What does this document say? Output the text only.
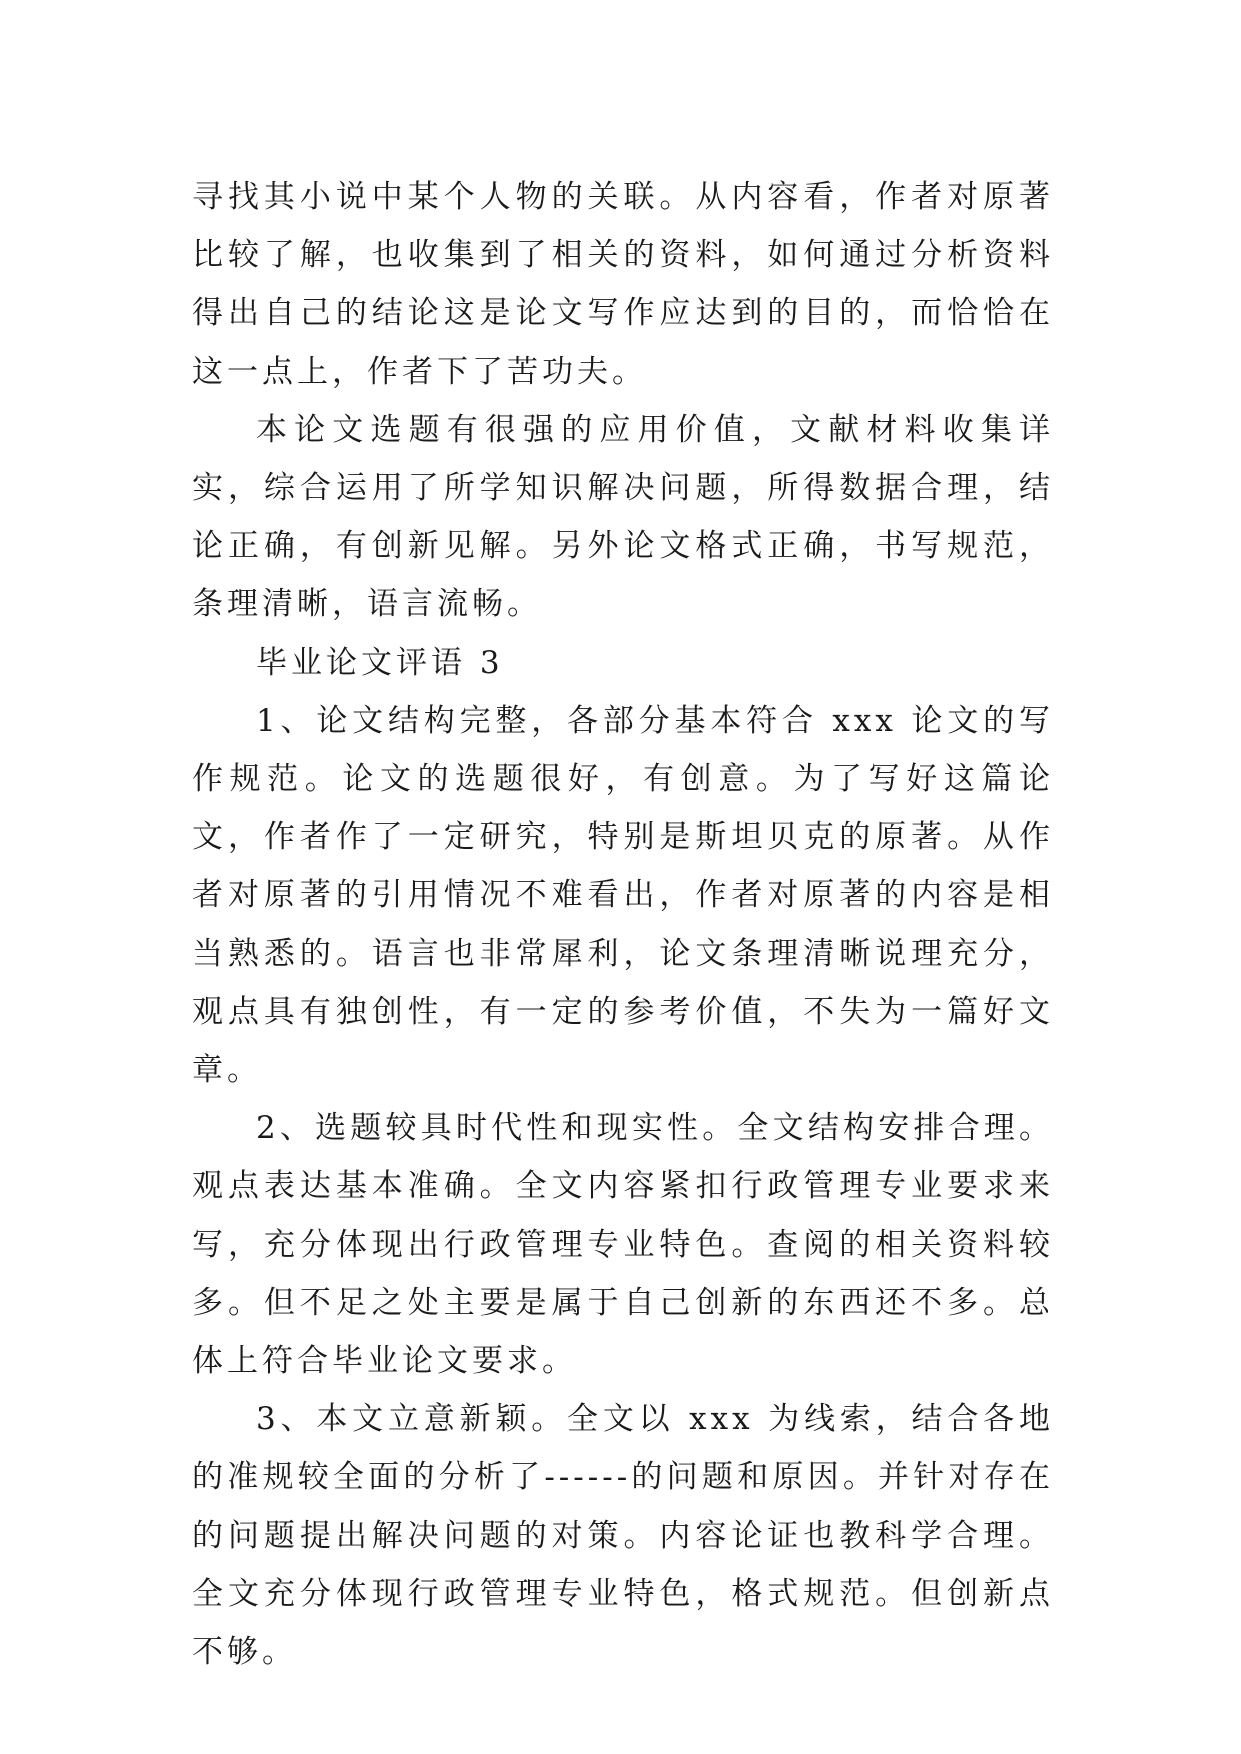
寻找其小说中某个人物的关联。从内容看，作者对原著比较了解，也收集到了相关的资料，如何通过分析资料得出自己的结论这是论文写作应达到的目的，而恰恰在这一点上，作者下了苦功夫。

本论文选题有很强的应用价值，文献材料收集详实，综合运用了所学知识解决问题，所得数据合理，结论正确，有创新见解。另外论文格式正确，书写规范，条理清晰，语言流畅。

毕业论文评语 3

1、论文结构完整，各部分基本符合 xxx 论文的写作规范。论文的选题很好，有创意。为了写好这篇论文，作者作了一定研究，特别是斯坦贝克的原著。从作者对原著的引用情况不难看出，作者对原著的内容是相当熟悉的。语言也非常犀利，论文条理清晰说理充分，观点具有独创性，有一定的参考价值，不失为一篇好文章。

2、选题较具时代性和现实性。全文结构安排合理。观点表达基本准确。全文内容紧扣行政管理专业要求来写，充分体现出行政管理专业特色。查阅的相关资料较多。但不足之处主要是属于自己创新的东西还不多。总体上符合毕业论文要求。

3、本文立意新颖。全文以 xxx 为线索，结合各地的准规较全面的分析了------的问题和原因。并针对存在的问题提出解决问题的对策。内容论证也教科学合理。全文充分体现行政管理专业特色，格式规范。但创新点不够。
